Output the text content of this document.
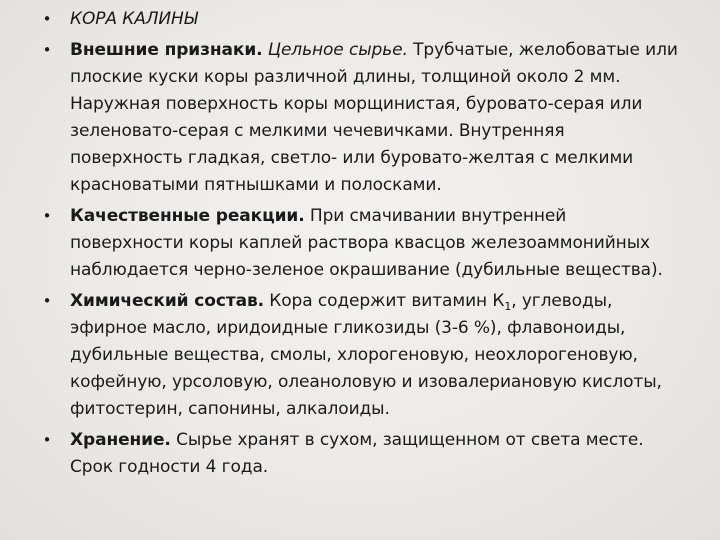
• КОРА КАЛИНЫ
• Внешние признаки. Цельное сырье. Трубчатые, желобоватые или плоские куски коры различной длины, толщиной около 2 мм. Наружная поверхность коры морщинистая, буровато-серая или зеленовато-серая с мелкими чечевичками. Внутренняя поверхность гладкая, светло- или буровато-желтая с мелкими красноватыми пятнышками и полосками.
• Качественные реакции. При смачивании внутренней поверхности коры каплей раствора квасцов железоаммонийных наблюдается черно-зеленое окрашивание (дубильные вещества).
• Химический состав. Кора содержит витамин $К_1$, углеводы, эфирное масло, иридоидные гликозиды (3-6 %), флавоноиды, дубильные вещества, смолы, хлорогеновую, неохлорогеновую, кофейную, урсоловую, олеаноловую и изовалериановую кислоты, фитостерин, сапонины, алкалоиды.
• Хранение. Сырье хранят в сухом, защищенном от света месте. Срок годности 4 года.
